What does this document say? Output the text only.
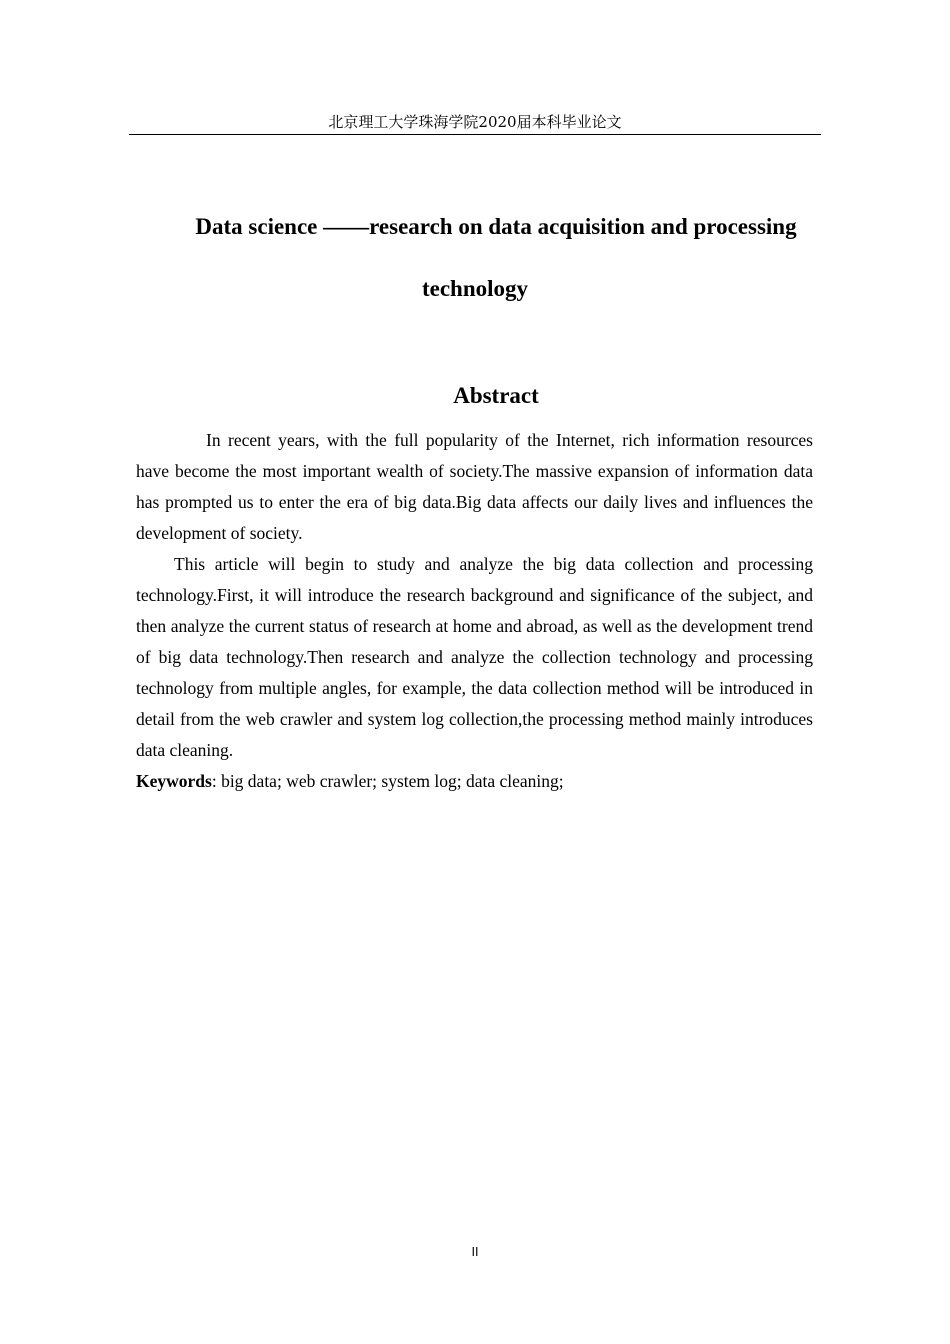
北京理工大学珠海学院2020届本科毕业论文
Data science ——research on data acquisition and processing
technology
Abstract

In recent years, with the full popularity of the Internet, rich information resources have become the most important wealth of society.The massive expansion of information data has prompted us to enter the era of big data.Big data affects our daily lives and influences the development of society.

This article will begin to study and analyze the big data collection and processing technology.First, it will introduce the research background and significance of the subject, and then analyze the current status of research at home and abroad, as well as the development trend of big data technology.Then research and analyze the collection technology and processing technology from multiple angles, for example, the data collection method will be introduced in detail from the web crawler and system log collection,the processing method mainly introduces data cleaning.

Keywords: big data; web crawler; system log; data cleaning;

II
